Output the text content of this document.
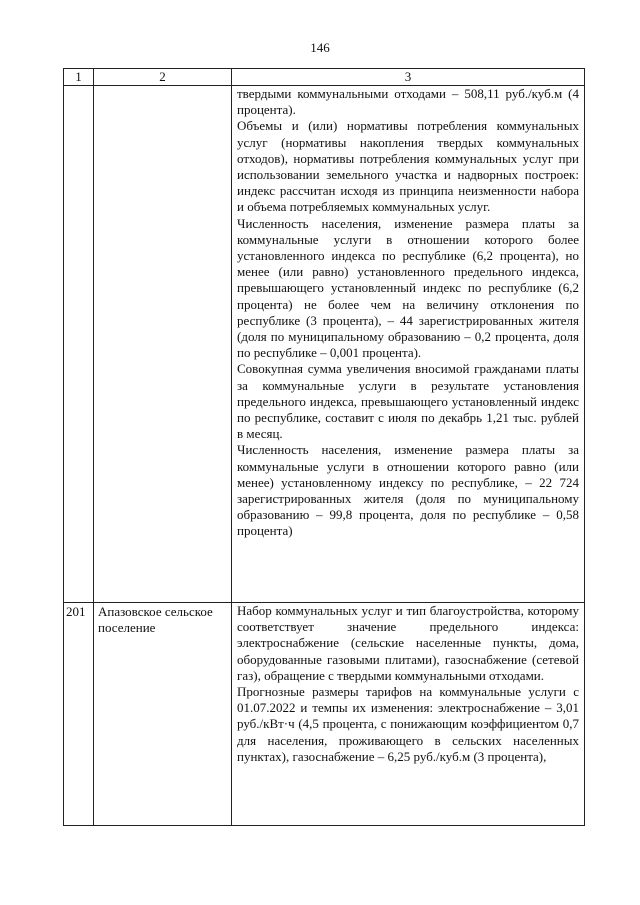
146
1	2	3

твердыми коммунальными отходами – 508,11 руб./куб.м (4 процента).

Объемы и (или) нормативы потребления коммунальных услуг (нормативы накопления твердых коммунальных отходов), нормативы потребления коммунальных услуг при использовании земельного участка и надворных построек: индекс рассчитан исходя из принципа неизменности набора и объема потребляемых коммунальных услуг.

Численность населения, изменение размера платы за коммунальные услуги в отношении которого более установленного индекса по республике (6,2 процента), но менее (или равно) установленного предельного индекса, превышающего установленный индекс по республике (6,2 процента) не более чем на величину отклонения по республике (3 процента), – 44 зарегистрированных жителя (доля по муниципальному образованию – 0,2 процента, доля по республике – 0,001 процента).

Совокупная сумма увеличения вносимой гражданами платы за коммунальные услуги в результате установления предельного индекса, превышающего установленный индекс по республике, составит с июля по декабрь 1,21 тыс. рублей в месяц.

Численность населения, изменение размера платы за коммунальные услуги в отношении которого равно (или менее) установленному индексу по республике, – 22 724 зарегистрированных жителя (доля по муниципальному образованию – 99,8 процента, доля по республике – 0,58 процента)

201 Апазовское сельское поселение

Набор коммунальных услуг и тип благоустройства, которому соответствует значение предельного индекса: электроснабжение (сельские населенные пункты, дома, оборудованные газовыми плитами), газоснабжение (сетевой газ), обращение с твердыми коммунальными отходами.

Прогнозные размеры тарифов на коммунальные услуги с 01.07.2022 и темпы их изменения: электроснабжение – 3,01 руб./кВт·ч (4,5 процента, с понижающим коэффициентом 0,7 для населения, проживающего в сельских населенных пунктах), газоснабжение – 6,25 руб./куб.м (3 процента),
